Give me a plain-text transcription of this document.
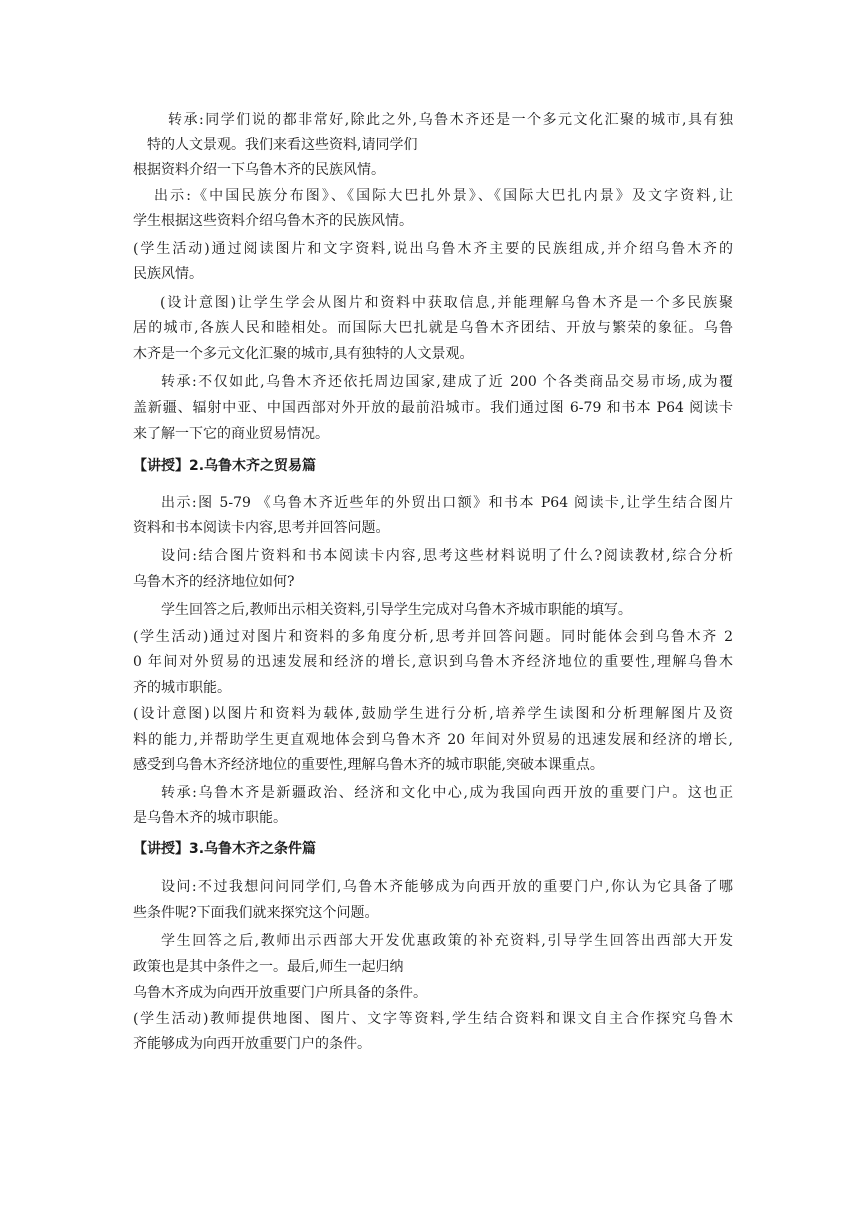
转承:同学们说的都非常好,除此之外,乌鲁木齐还是一个多元文化汇聚的城市,具有独
特的人文景观。我们来看这些资料,请同学们
根据资料介绍一下乌鲁木齐的民族风情。
出示:《中国民族分布图》、《国际大巴扎外景》、《国际大巴扎内景》及文字资料,让
学生根据这些资料介绍乌鲁木齐的民族风情。
(学生活动)通过阅读图片和文字资料,说出乌鲁木齐主要的民族组成,并介绍乌鲁木齐的
民族风情。
(设计意图)让学生学会从图片和资料中获取信息,并能理解乌鲁木齐是一个多民族聚
居的城市,各族人民和睦相处。而国际大巴扎就是乌鲁木齐团结、开放与繁荣的象征。乌鲁
木齐是一个多元文化汇聚的城市,具有独特的人文景观。
转承:不仅如此,乌鲁木齐还依托周边国家,建成了近 200 个各类商品交易市场,成为覆
盖新疆、辐射中亚、中国西部对外开放的最前沿城市。我们通过图 6-79 和书本 P64 阅读卡
来了解一下它的商业贸易情况。
【讲授】2.乌鲁木齐之贸易篇
出示:图 5-79 《乌鲁木齐近些年的外贸出口额》和书本 P64 阅读卡,让学生结合图片
资料和书本阅读卡内容,思考并回答问题。
设问:结合图片资料和书本阅读卡内容,思考这些材料说明了什么?阅读教材,综合分析
乌鲁木齐的经济地位如何?
学生回答之后,教师出示相关资料,引导学生完成对乌鲁木齐城市职能的填写。
(学生活动)通过对图片和资料的多角度分析,思考并回答问题。同时能体会到乌鲁木齐 2
0 年间对外贸易的迅速发展和经济的增长,意识到乌鲁木齐经济地位的重要性,理解乌鲁木
齐的城市职能。
(设计意图)以图片和资料为载体,鼓励学生进行分析,培养学生读图和分析理解图片及资
料的能力,并帮助学生更直观地体会到乌鲁木齐 20 年间对外贸易的迅速发展和经济的增长,
感受到乌鲁木齐经济地位的重要性,理解乌鲁木齐的城市职能,突破本课重点。
转承:乌鲁木齐是新疆政治、经济和文化中心,成为我国向西开放的重要门户。这也正
是乌鲁木齐的城市职能。
【讲授】3.乌鲁木齐之条件篇
设问:不过我想问问同学们,乌鲁木齐能够成为向西开放的重要门户,你认为它具备了哪
些条件呢?下面我们就来探究这个问题。
学生回答之后,教师出示西部大开发优惠政策的补充资料,引导学生回答出西部大开发
政策也是其中条件之一。最后,师生一起归纳
乌鲁木齐成为向西开放重要门户所具备的条件。
(学生活动)教师提供地图、图片、文字等资料,学生结合资料和课文自主合作探究乌鲁木
齐能够成为向西开放重要门户的条件。
